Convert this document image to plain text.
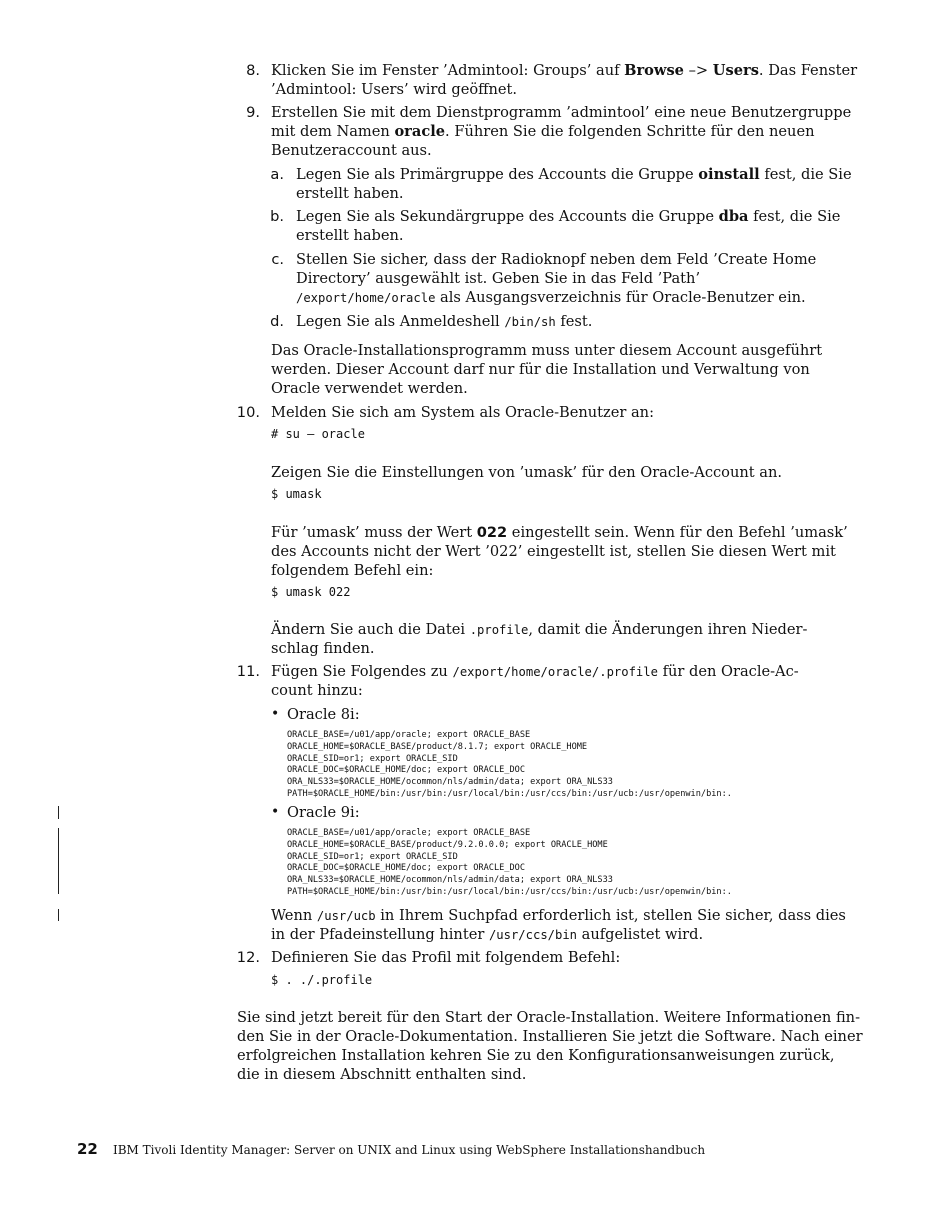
8. Klicken Sie im Fenster ’Admintool: Groups’ auf Browse –> Users. Das Fenster
’Admintool: Users’ wird geöffnet.
9. Erstellen Sie mit dem Dienstprogramm ’admintool’ eine neue Benutzergruppe
mit dem Namen oracle. Führen Sie die folgenden Schritte für den neuen
Benutzeraccount aus.
a. Legen Sie als Primärgruppe des Accounts die Gruppe oinstall fest, die Sie
erstellt haben.
b. Legen Sie als Sekundärgruppe des Accounts die Gruppe dba fest, die Sie
erstellt haben.
c. Stellen Sie sicher, dass der Radioknopf neben dem Feld ’Create Home
Directory’ ausgewählt ist. Geben Sie in das Feld ’Path’
/export/home/oracle als Ausgangsverzeichnis für Oracle-Benutzer ein.
d. Legen Sie als Anmeldeshell /bin/sh fest.
Das Oracle-Installationsprogramm muss unter diesem Account ausgeführt
werden. Dieser Account darf nur für die Installation und Verwaltung von
Oracle verwendet werden.
10. Melden Sie sich am System als Oracle-Benutzer an:
# su – oracle
Zeigen Sie die Einstellungen von ’umask’ für den Oracle-Account an.
$ umask
Für ’umask’ muss der Wert 022 eingestellt sein. Wenn für den Befehl ’umask’
des Accounts nicht der Wert ’022’ eingestellt ist, stellen Sie diesen Wert mit
folgendem Befehl ein:
$ umask 022
Ändern Sie auch die Datei .profile, damit die Änderungen ihren Nieder-
schlag finden.
11. Fügen Sie Folgendes zu /export/home/oracle/.profile für den Oracle-Ac-
count hinzu:
• Oracle 8i:
ORACLE_BASE=/u01/app/oracle; export ORACLE_BASE
ORACLE_HOME=$ORACLE_BASE/product/8.1.7; export ORACLE_HOME
ORACLE_SID=or1; export ORACLE_SID
ORACLE_DOC=$ORACLE_HOME/doc; export ORACLE_DOC
ORA_NLS33=$ORACLE_HOME/ocommon/nls/admin/data; export ORA_NLS33
PATH=$ORACLE_HOME/bin:/usr/bin:/usr/local/bin:/usr/ccs/bin:/usr/ucb:/usr/openwin/bin:.
• Oracle 9i:
ORACLE_BASE=/u01/app/oracle; export ORACLE_BASE
ORACLE_HOME=$ORACLE_BASE/product/9.2.0.0.0; export ORACLE_HOME
ORACLE_SID=or1; export ORACLE_SID
ORACLE_DOC=$ORACLE_HOME/doc; export ORACLE_DOC
ORA_NLS33=$ORACLE_HOME/ocommon/nls/admin/data; export ORA_NLS33
PATH=$ORACLE_HOME/bin:/usr/bin:/usr/local/bin:/usr/ccs/bin:/usr/ucb:/usr/openwin/bin:.
Wenn /usr/ucb in Ihrem Suchpfad erforderlich ist, stellen Sie sicher, dass dies
in der Pfadeinstellung hinter /usr/ccs/bin aufgelistet wird.
12. Definieren Sie das Profil mit folgendem Befehl:
$ . ./.profile
Sie sind jetzt bereit für den Start der Oracle-Installation. Weitere Informationen fin-
den Sie in der Oracle-Dokumentation. Installieren Sie jetzt die Software. Nach einer
erfolgreichen Installation kehren Sie zu den Konfigurationsanweisungen zurück,
die in diesem Abschnitt enthalten sind.
22 IBM Tivoli Identity Manager: Server on UNIX and Linux using WebSphere Installationshandbuch
